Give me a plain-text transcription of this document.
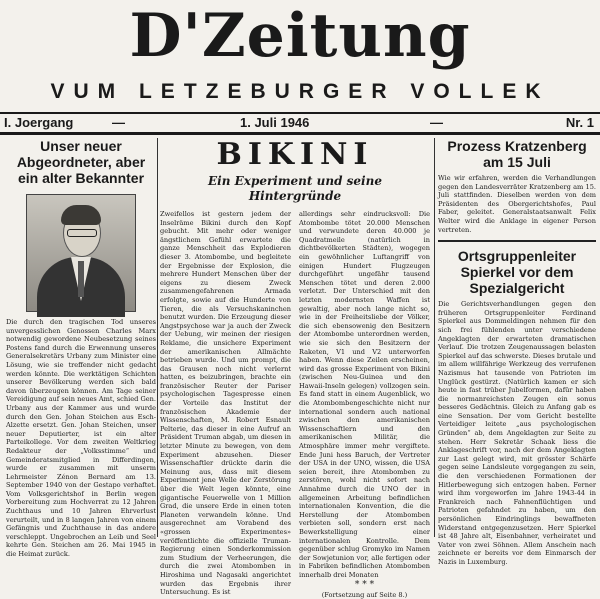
D'Zeitung
VUM LETZEBURGER VOLLEK
I. Joergang	—	1. Juli 1946	—	Nr. 1
Unser neuer Abgeordneter, aber ein alter Bekannter

Die durch den tragischen Tod unseres unvergesslichen Genossen Charles Marx notwendig gewordene Neubesetzung seines Postens fand durch die Erwennung unseres Generalsekretärs Urbany zum Minister eine Lösung, wie sie treffender nicht gedacht werden könnte. Die werktätigen Schichten unserer Bevölkerung werden sich bald davon überzeugen können. Am Tage seiner Vereidigung auf sein neues Amt, schied Gen. Urbany aus der Kammer aus und wurde durch den Gen. Johan Steichen aus Esch-Alzette ersetzt. Gen. Johan Steichen, unser neuer Deputierter, ist ein alter Parteikollege. Vor dem zweiten Weltkrieg Redakteur der „Volksstimme“ und Gemeinderatsmitglied in Differdingen, wurde er zusammen mit unserm Lehrmeister Zénon Bernard am 13. September 1940 von der Gestapo verhaftet. Vom Volksgerichtshof in Berlin wegen Vorbereitung zum Hochverrat zu 12 Jahren Zuchthaus und 10 Jahren Ehrverlust verurteilt, und in 8 langen Jahren von einem Gefängnis und Zuchthause in das andere verschleppt. Ungebrochen an Leib und Seel kehrte Gen. Steichen am 26. Mai 1945 in die Heimat zurück.

BIKINI
Ein Experiment und seine Hintergründe

Zweifellos ist gestern jedem der Inselräme Bikini durch den Kopf gebucht. Mit mehr oder weniger ängstlichem Gefühl erwartete die ganze Menschheit das Explodieren dieser 3. Atombombe, und begleitete der Ergebnisse der Explosion, die mehrere Hundert Menschen über der eigens zu diesem Zweck zusammengefahrenen Armada erfolgte, sowie auf die Hunderte von Tieren, die als Versuchskaninchen benutzt wurden. Die Erzeugung dieser Angstpsychose war ja auch der Zweck der Uebung, wir meinen der riesigen Reklame, die unsichere Experiment der amerikanischen Allmächte betrieben wurde. Und um prompt, die das Grausen noch nicht verlernt hatten, es beizubringen, brachte ein französischer Reuter der Pariser psychologischen Tagespresse einen der Vorteile das Institut der französischen Akademie der Wissenschaften, M. Robert Esnault Pelterie, das dieser in eine Aufruf an Präsident Truman abgab, um diesen in letzter Minute zu bewegen, von dem Experiment abzusehen. Dieser Wissenschaftler drückte darin die Meinung aus, dass mit diesem Experiment jene Welle der Zerstörung über die Welt legen könnte, eine gigantische Feuerwelle von 1 Million Grad, die unsere Erde in einen toten Planeten verwandeln könne. Und ausgerechnet am Vorabend des «grossen Experimentes» veröffentlichte die offizielle Truman-Regierung einen Sonderkommission zum Studium der Verheerungen, die durch die zwei Atombomben in Hiroshima und Nagasaki angerichtet wurden das Ergebnis ihrer Untersuchung. Es ist

allerdings sehr eindrucksvoll: Die Atombombe tötet 20.000 Menschen und verwundete deren 40.000 je Quadratmeile (natürlich in dichtbevölkerten Städten), wogegen ein gewöhnlicher Luftangriff von einigen Hundert Flugzeugen durchgeführt ungefähr tausend Menschen tötet und deren 2.000 verletzt. Der Unterschied mit den letzten modernsten Waffen ist gewaltig, aber noch lange nicht so, wie in der Freiheitsliebe der Völker, die sich ebensowenig den Besitzern der Atombombe unterordnen werden, wie sie sich den Besitzern der Raketen, V1 und V2 unterworfen haben. Wenn diese Zeilen erscheinen, wird das grosse Experiment von Bikini (zwischen Neu-Guinea und den Hawaii-Inseln gelegen) vollzogen sein. Es fand statt in einem Augenblick, wo die Atombombengeschichte nicht nur international sondern auch national zwischen den amerikanischen Wissenschaftlern und den amerikanischen Militär, die Atmosphäre immer mehr vergiftete. Ende Juni hess Baruch, der Vertreter der USA in der UNO, wissen, die USA seien bereit, ihre Atombomben zu zerstören, wohl nicht sofort nach Annahme durch die UNO der in allgemeinen Arbeitung befindlichen internationalen Konvention, die die Herstellung der Atombomben verbieten soll, sondern erst nach Bewerkstelligung einer internationalen Kontrolle. Dem gegenüber schlug Gromyko im Namen der Sowjetunion vor, alle fertigen oder in Fabriken befindlichen Atombomben innerhalb drei Monaten

* * *

(Fortsetzung auf Seite 8.)

Prozess Kratzenberg am 15 Juli

Wie wir erfahren, werden die Verhandlungen gegen den Landesverräter Kratzenberg am 15. Juli stattfinden. Dieselben werden von dem Präsidenten des Obergerichtshofes, Paul Faber, geleitet. Generalstaatsanwalt Felix Welter wird die Anklage in eigener Person vertreten.

Ortsgruppenleiter Spierkel vor dem Spezialgericht

Die Gerichtsverhandlungen gegen den früheren Ortsgruppenleiter Ferdinand Spierkel aus Dommeldingen nehmen für den sich frei fühlenden unter verschiedene Angeklagten der erwarteten dramatischen Verlauf. Die trotzen Zeugenaussagen belasten Spierkel auf das schwerste. Dieses brutale und im allem willfährige Werkzeug des verrufenen Nazismus hat tausende von Patrioten im Unglück gestürzt. (Natürlich kamen er sich heute in fast trüber Jubelformen, dafür haben die normanreichsten Zeugen ein sonus besseres Gedächtnis. Gleich zu Anfang gab es eine Sensation. Der vom Gericht bestellte Verteidiger leitete „aus psychologischen Gründen“ ab, dem Angeklagten zur Seite zu stehen. Herr Sekretär Schaak liess die Anklageschrift vor, nach der dem Angeklagten zur Last gelegt wird, mit grösster Schärfe gegen seine Landsleute vorgegangen zu sein, die den verschiedenen Formationen der Hitlerbewegung sich entzogen haben. Ferner wird ihm vorgeworfen im Jahre 1943-44 in Frankreich nach Fahnenflüchtigen und Patrioten gefahndet zu haben, um den persönlichen Eindringlings bewaffneten Widerstand entgegenzusetzen. Herr Spierkel ist 48 Jahre alt, Eisenbahner, verheiratet und Vater von zwei Söhnen. Allem Anschein nach zeichnete er bereits vor dem Einmarsch der Nazis in Luxemburg.
